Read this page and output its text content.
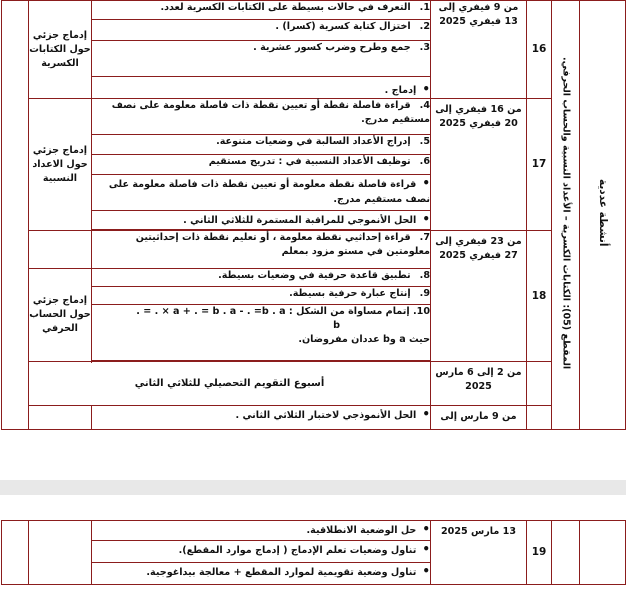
أنشطة عددية	المقطع (05): الكتابات الكسرية – الأعداد النسبية والحساب الحرفي.	16	من 9 فيفري إلى 13 فيفري 2025	1. التعرف في حالات بسيطة على الكتابات الكسرية لعدد.	إدماج جزئي حول الكتابات الكسرية	
				2. اختزال كتابة كسرية (كسرا) .		
				3. جمع وطرح وضرب كسور عشرية .		
• إدماج .
		17	من 16 فيفري إلى 20 فيفري 2025	4. قراءة فاصلة نقطة أو تعيين نقطة ذات فاصلة معلومة على نصف مستقيم مدرج.	إدماج جزئي حول الاعداد النسبية	
				5. إدراج الأعداد السالبة في وضعيات متنوعة.		
				6. توظيف الأعداد النسبية في : تدريج مستقيم		
• قراءة فاصلة نقطة معلومة أو تعيين نقطة ذات فاصلة معلومة على نصف مستقيم مدرج.
• الحل الأنموجي للمراقبة المستمرة للثلاثي الثاني .

		18	من 23 فيفري إلى 27 فيفري 2025	7. قراءة إحداثيي نقطة معلومة ، أو تعليم نقطة ذات إحداثيتين معلومتين في مستو مزود بمعلم		
				8. تطبيق قاعدة حرفية في وضعيات بسيطة.	إدماج جزئي حول الحساب الحرفي	
				9. إنتاج عبارة حرفية بسيطة.		

				10. إتمام مساواة من الشكل : a + . = b . a - . =b . a × . = .
b
حيث a وb عددان مفروضان.		

			من 2 إلى 6 مارس 2025	أسبوع التقويم التحصيلي للثلاثي الثاني		
			من 9 مارس إلى	• الحل الأنموذجي لاختبار الثلاثي الثاني .	
		19	13 مارس 2025	• حل الوضعية الانطلاقية.		
• تناول وضعيات تعلم الإدماج ( إدماج موارد المقطع).
• تناول وضعية تقويمية لموارد المقطع + معالجة بيداغوجية.
